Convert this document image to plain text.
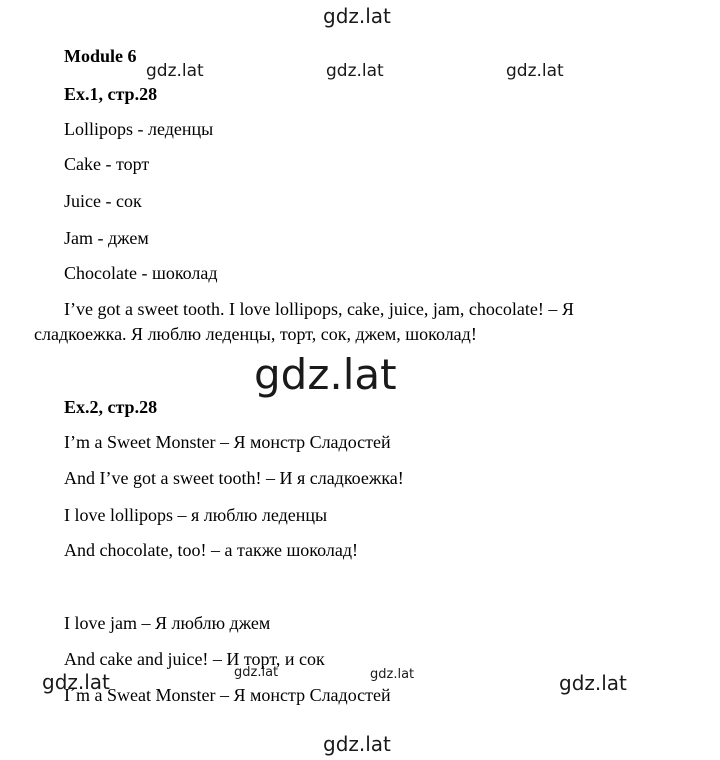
gdz.lat
gdz.lat	gdz.lat	gdz.lat
gdz.lat
gdz.lat	gdz.lat	gdz.lat	gdz.lat
gdz.lat
Module 6
Ex.1, стр.28
Lollipops - леденцы
Cake - торт
Juice - сок
Jam - джем
Chocolate - шоколад
I’ve got a sweet tooth. I love lollipops, cake, juice, jam, chocolate! – Я
сладкоежка. Я люблю леденцы, торт, сок, джем, шоколад!
Ex.2, стр.28
I’m a Sweet Monster – Я монстр Сладостей
And I’ve got a sweet tooth! – И я сладкоежка!
I love lollipops – я люблю леденцы
And chocolate, too! – а также шоколад!
I love jam – Я люблю джем
And cake and juice! – И торт, и сок
I´m a Sweat Monster – Я монстр Сладостей
